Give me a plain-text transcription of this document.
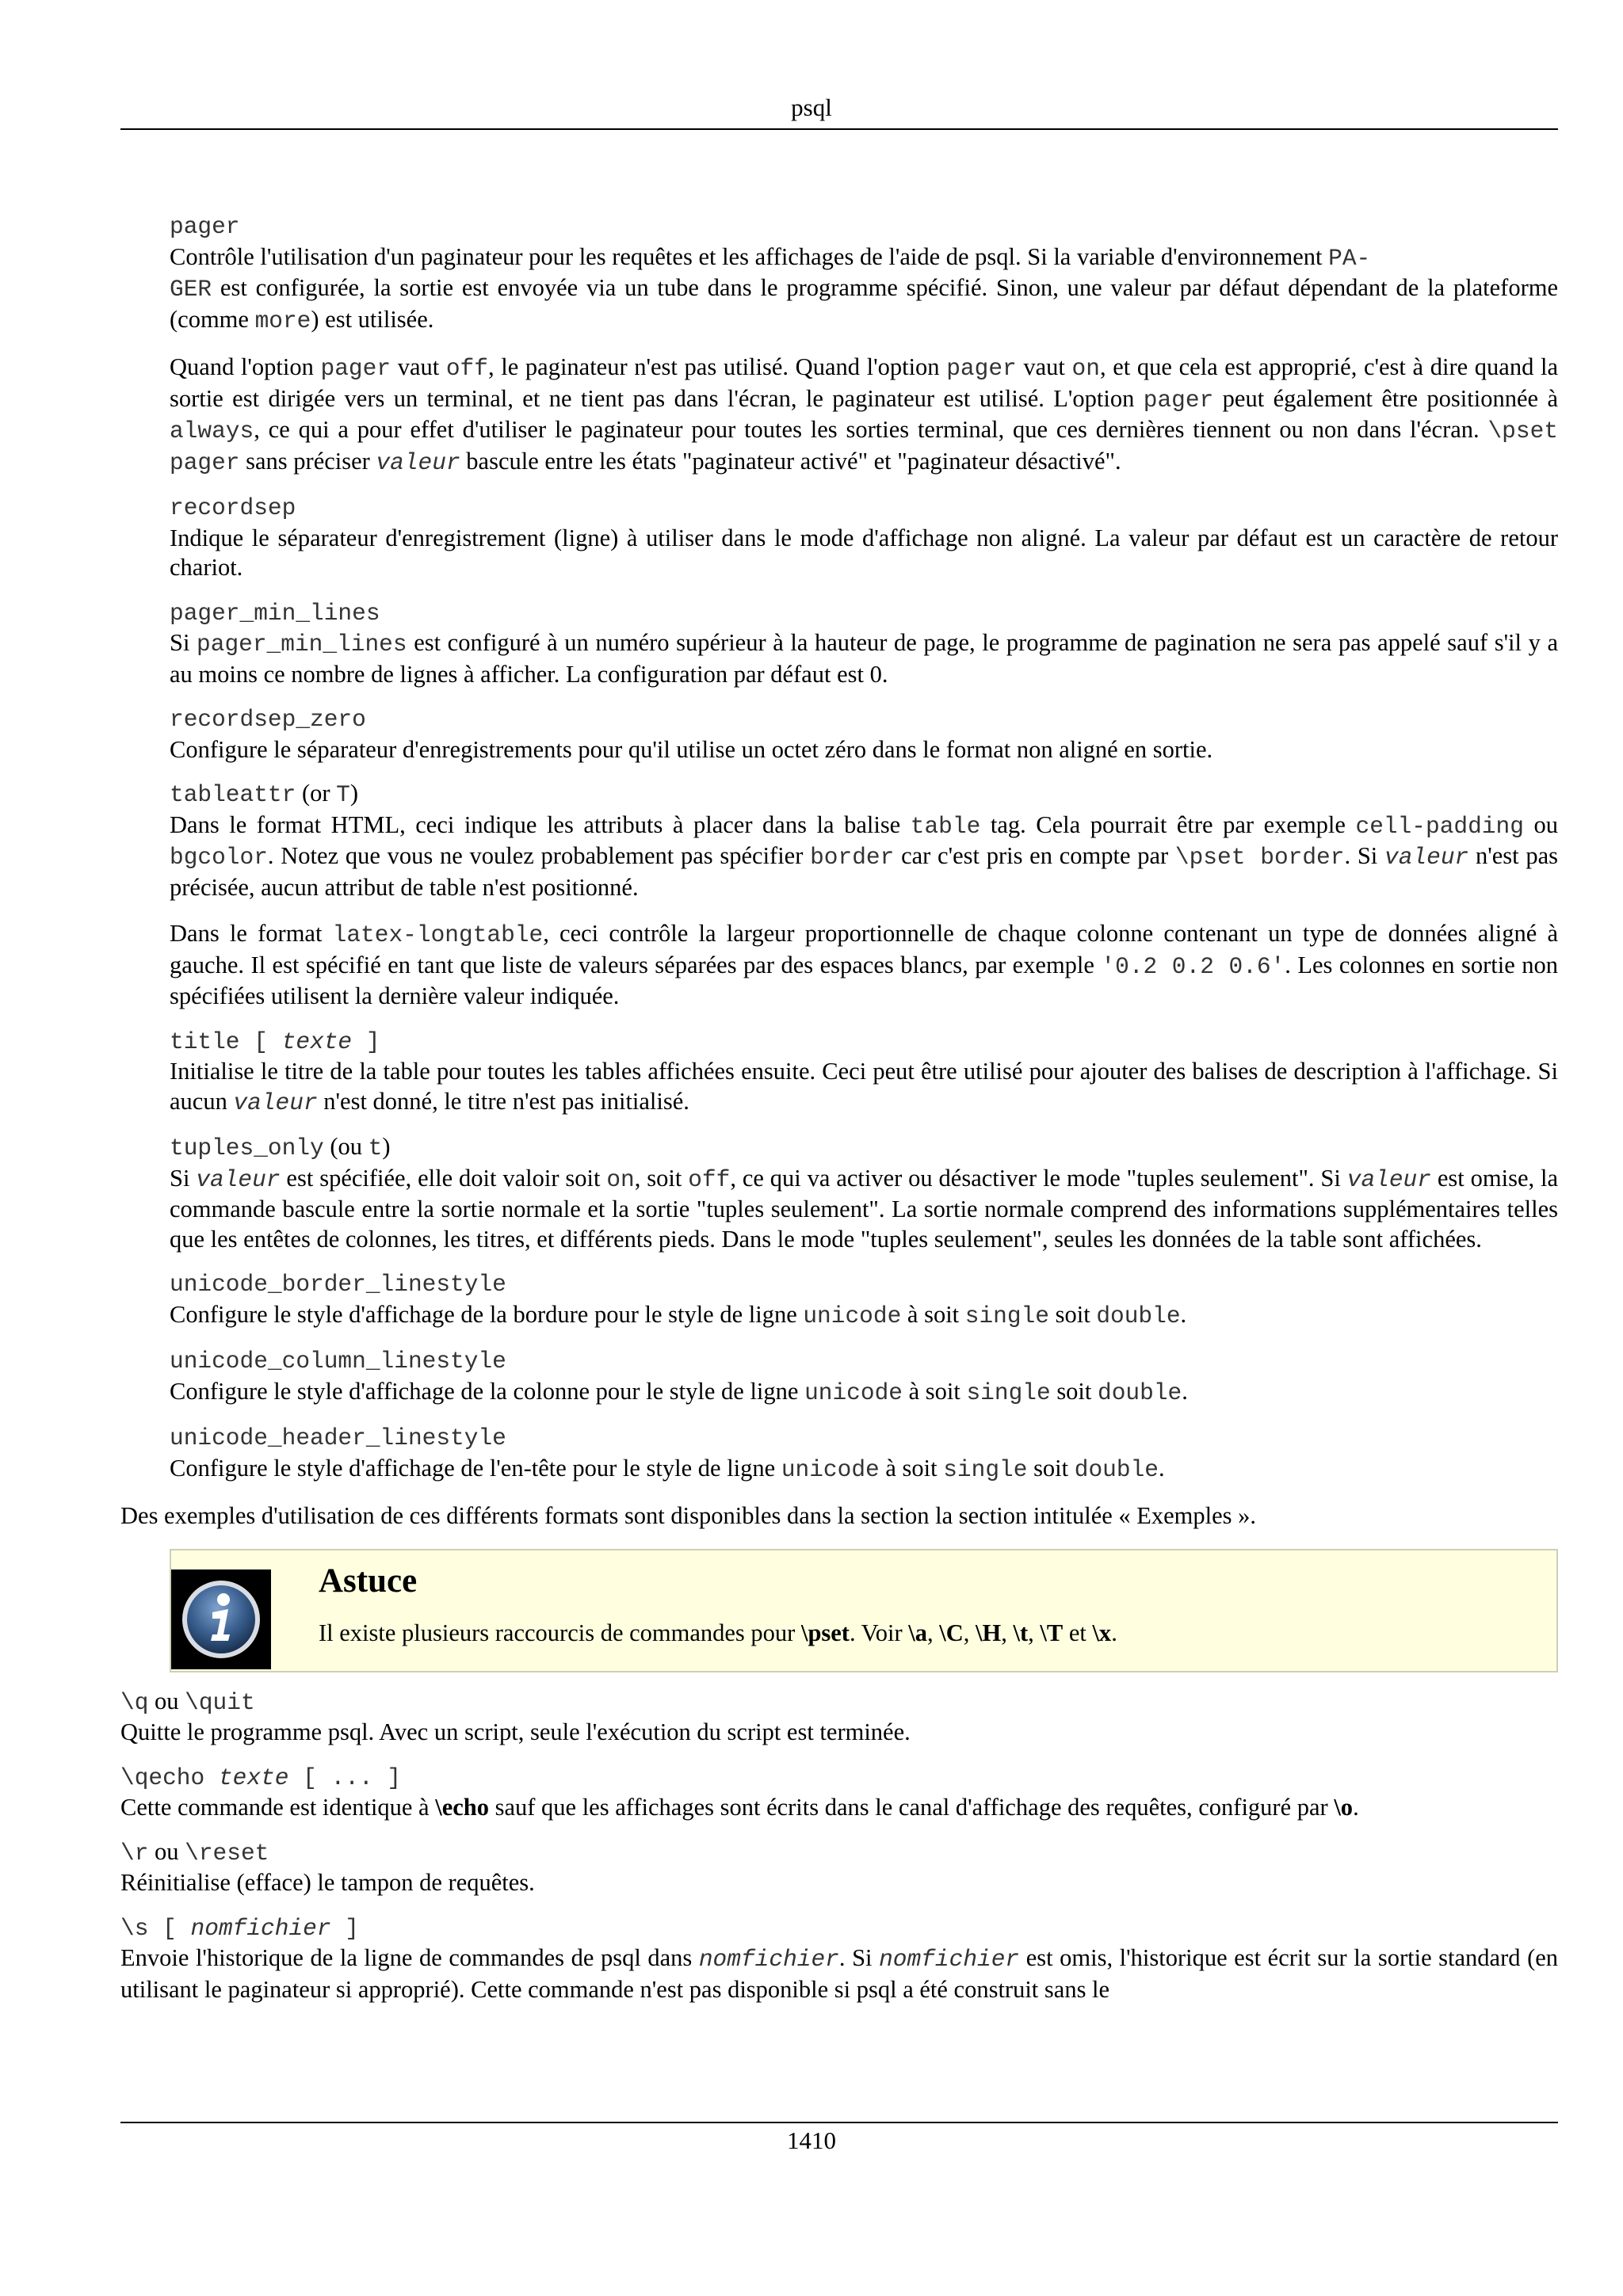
psql

pager

Contrôle l'utilisation d'un paginateur pour les requêtes et les affichages de l'aide de psql. Si la variable d'environnement PA-
GER est configurée, la sortie est envoyée via un tube dans le programme spécifié. Sinon, une valeur par défaut dépendant de la plateforme (comme more) est utilisée.

Quand l'option pager vaut off, le paginateur n'est pas utilisé. Quand l'option pager vaut on, et que cela est approprié, c'est à dire quand la sortie est dirigée vers un terminal, et ne tient pas dans l'écran, le paginateur est utilisé. L'option pager peut également être positionnée à always, ce qui a pour effet d'utiliser le paginateur pour toutes les sorties terminal, que ces dernières tiennent ou non dans l'écran. \pset pager sans préciser valeur bascule entre les états "paginateur activé" et "paginateur désactivé".

recordsep

Indique le séparateur d'enregistrement (ligne) à utiliser dans le mode d'affichage non aligné. La valeur par défaut est un caractère de retour chariot.

pager_min_lines

Si pager_min_lines est configuré à un numéro supérieur à la hauteur de page, le programme de pagination ne sera pas appelé sauf s'il y a au moins ce nombre de lignes à afficher. La configuration par défaut est 0.

recordsep_zero

Configure le séparateur d'enregistrements pour qu'il utilise un octet zéro dans le format non aligné en sortie.

tableattr (or T)

Dans le format HTML, ceci indique les attributs à placer dans la balise table tag. Cela pourrait être par exemple cell-padding ou bgcolor. Notez que vous ne voulez probablement pas spécifier border car c'est pris en compte par \pset border. Si valeur n'est pas précisée, aucun attribut de table n'est positionné.

Dans le format latex-longtable, ceci contrôle la largeur proportionnelle de chaque colonne contenant un type de données aligné à gauche. Il est spécifié en tant que liste de valeurs séparées par des espaces blancs, par exemple '0.2 0.2 0.6'. Les colonnes en sortie non spécifiées utilisent la dernière valeur indiquée.

title [ texte ]

Initialise le titre de la table pour toutes les tables affichées ensuite. Ceci peut être utilisé pour ajouter des balises de description à l'affichage. Si aucun valeur n'est donné, le titre n'est pas initialisé.

tuples_only (ou t)

Si valeur est spécifiée, elle doit valoir soit on, soit off, ce qui va activer ou désactiver le mode "tuples seulement". Si valeur est omise, la commande bascule entre la sortie normale et la sortie "tuples seulement". La sortie normale comprend des informations supplémentaires telles que les entêtes de colonnes, les titres, et différents pieds. Dans le mode "tuples seulement", seules les données de la table sont affichées.

unicode_border_linestyle

Configure le style d'affichage de la bordure pour le style de ligne unicode à soit single soit double.

unicode_column_linestyle

Configure le style d'affichage de la colonne pour le style de ligne unicode à soit single soit double.

unicode_header_linestyle

Configure le style d'affichage de l'en-tête pour le style de ligne unicode à soit single soit double.

Des exemples d'utilisation de ces différents formats sont disponibles dans la section la section intitulée « Exemples ».

Astuce
Il existe plusieurs raccourcis de commandes pour \pset. Voir \a, \C, \H, \t, \T et \x.

\q ou \quit

Quitte le programme psql. Avec un script, seule l'exécution du script est terminée.

\qecho texte [ ... ]

Cette commande est identique à \echo sauf que les affichages sont écrits dans le canal d'affichage des requêtes, configuré par \o.

\r ou \reset

Réinitialise (efface) le tampon de requêtes.

\s [ nomfichier ]

Envoie l'historique de la ligne de commandes de psql dans nomfichier. Si nomfichier est omis, l'historique est écrit sur la sortie standard (en utilisant le paginateur si approprié). Cette commande n'est pas disponible si psql a été construit sans le

1410
